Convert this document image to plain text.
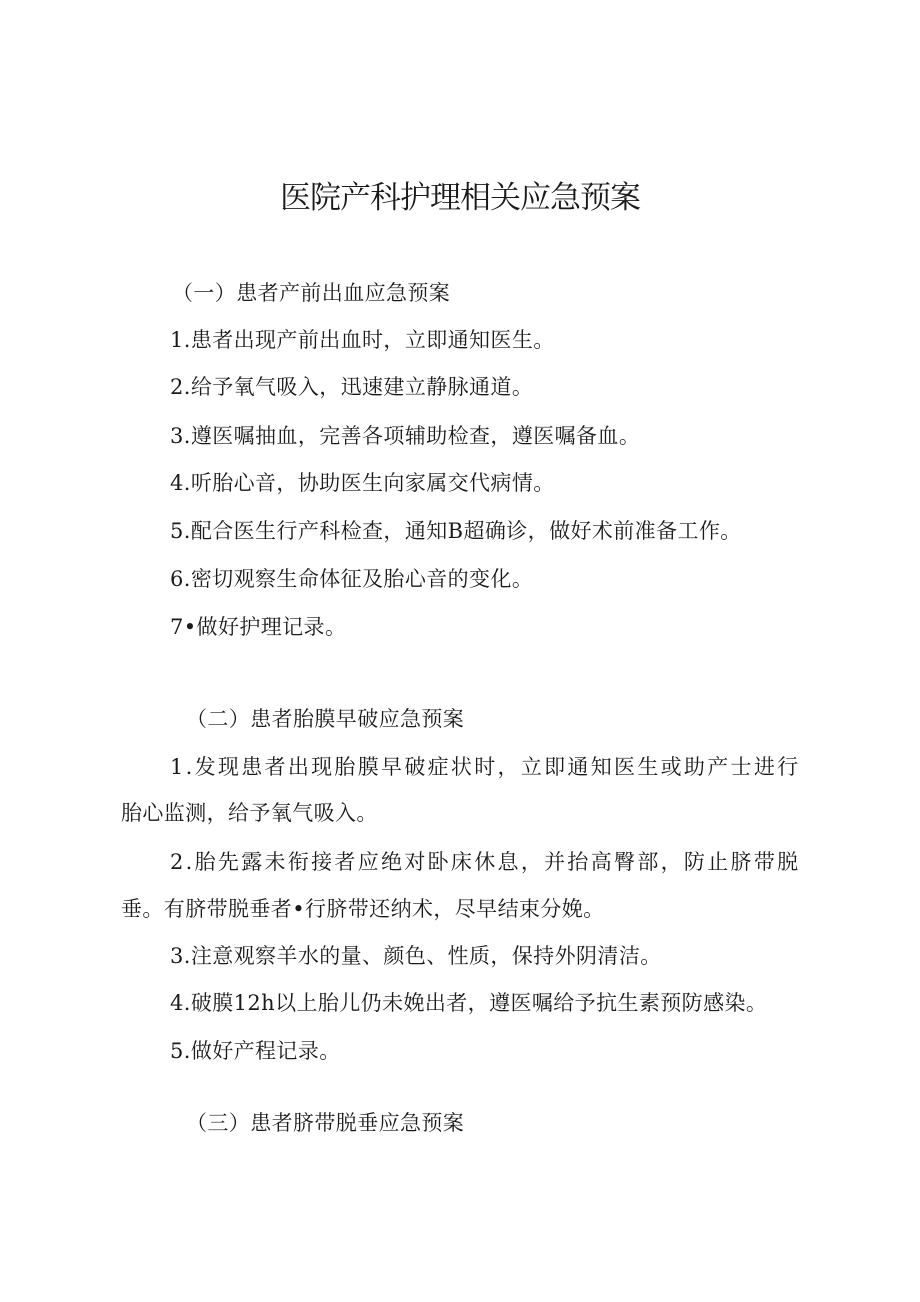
医院产科护理相关应急预案
（一）患者产前出血应急预案
1.患者出现产前出血时，立即通知医生。
2.给予氧气吸入，迅速建立静脉通道。
3.遵医嘱抽血，完善各项辅助检查，遵医嘱备血。
4.听胎心音，协助医生向家属交代病情。
5.配合医生行产科检查，通知B超确诊，做好术前准备工作。
6.密切观察生命体征及胎心音的变化。
7•做好护理记录。
（二）患者胎膜早破应急预案
1.发现患者出现胎膜早破症状时，立即通知医生或助产士进行
胎心监测，给予氧气吸入。
2.胎先露未衔接者应绝对卧床休息，并抬高臀部，防止脐带脱
垂。有脐带脱垂者•行脐带还纳术，尽早结束分娩。
3.注意观察羊水的量、颜色、性质，保持外阴清洁。
4.破膜12h以上胎儿仍未娩出者，遵医嘱给予抗生素预防感染。
5.做好产程记录。
（三）患者脐带脱垂应急预案
